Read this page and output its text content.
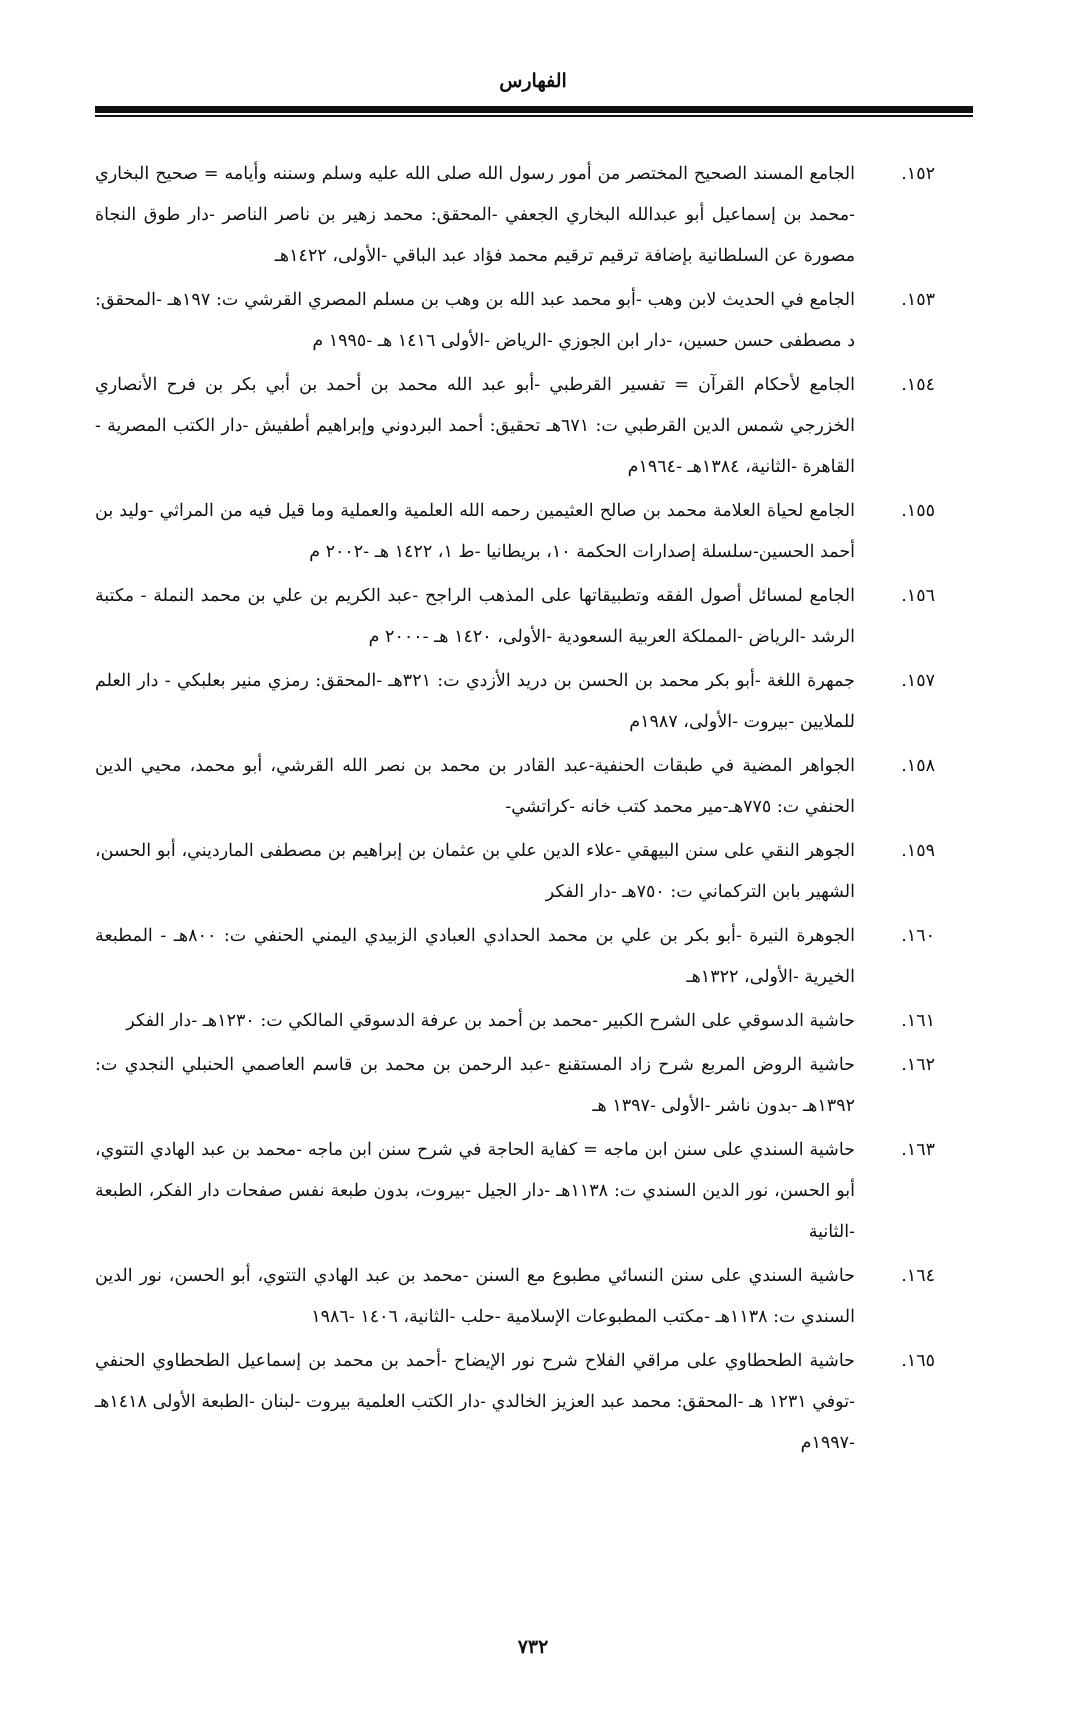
الفهارس
١٥٢.
الجامع المسند الصحيح المختصر من أمور رسول الله صلى الله عليه وسلم وسننه وأيامه = صحيح البخاري -محمد بن إسماعيل أبو عبدالله البخاري الجعفي -المحقق: محمد زهير بن ناصر الناصر -دار طوق النجاة مصورة عن السلطانية بإضافة ترقيم ترقيم محمد فؤاد عبد الباقي -الأولى، ١٤٢٢هـ
١٥٣.
الجامع في الحديث لابن وهب -أبو محمد عبد الله بن وهب بن مسلم المصري القرشي ت: ١٩٧هـ -المحقق: د مصطفى حسن حسين، -دار ابن الجوزي -الرياض -الأولى ١٤١٦ هـ -١٩٩٥ م
١٥٤.
الجامع لأحكام القرآن = تفسير القرطبي -أبو عبد الله محمد بن أحمد بن أبي بكر بن فرح الأنصاري الخزرجي شمس الدين القرطبي ت: ٦٧١هـ تحقيق: أحمد البردوني وإبراهيم أطفيش -دار الكتب المصرية - القاهرة -الثانية، ١٣٨٤هـ -١٩٦٤م
١٥٥.
الجامع لحياة العلامة محمد بن صالح العثيمين رحمه الله العلمية والعملية وما قيل فيه من المراثي -وليد بن أحمد الحسين-سلسلة إصدارات الحكمة ١٠، بريطانيا -ط ١، ١٤٢٢ هـ -٢٠٠٢ م
١٥٦.
الجامع لمسائل أصول الفقه وتطبيقاتها على المذهب الراجح -عبد الكريم بن علي بن محمد النملة - مكتبة الرشد -الرياض -المملكة العربية السعودية -الأولى، ١٤٢٠ هـ -٢٠٠٠ م
١٥٧.
جمهرة اللغة -أبو بكر محمد بن الحسن بن دريد الأزدي ت: ٣٢١هـ -المحقق: رمزي منير بعلبكي - دار العلم للملايين -بيروت -الأولى، ١٩٨٧م
١٥٨.
الجواهر المضية في طبقات الحنفية-عبد القادر بن محمد بن نصر الله القرشي، أبو محمد، محيي الدين الحنفي ت: ٧٧٥هـ-مير محمد كتب خانه -كراتشي-
١٥٩.
الجوهر النقي على سنن البيهقي -علاء الدين علي بن عثمان بن إبراهيم بن مصطفى المارديني، أبو الحسن، الشهير بابن التركماني ت: ٧٥٠هـ -دار الفكر
١٦٠.
الجوهرة النيرة -أبو بكر بن علي بن محمد الحدادي العبادي الزبيدي اليمني الحنفي ت: ٨٠٠هـ - المطبعة الخيرية -الأولى، ١٣٢٢هـ
١٦١.
حاشية الدسوقي على الشرح الكبير -محمد بن أحمد بن عرفة الدسوقي المالكي ت: ١٢٣٠هـ -دار الفكر
١٦٢.
حاشية الروض المربع شرح زاد المستقنع -عبد الرحمن بن محمد بن قاسم العاصمي الحنبلي النجدي ت: ١٣٩٢هـ -بدون ناشر -الأولى -١٣٩٧ هـ
١٦٣.
حاشية السندي على سنن ابن ماجه = كفاية الحاجة في شرح سنن ابن ماجه -محمد بن عبد الهادي التتوي، أبو الحسن، نور الدين السندي ت: ١١٣٨هـ -دار الجيل -بيروت، بدون طبعة نفس صفحات دار الفكر، الطبعة -الثانية
١٦٤.
حاشية السندي على سنن النسائي مطبوع مع السنن -محمد بن عبد الهادي التتوي، أبو الحسن، نور الدين السندي ت: ١١٣٨هـ -مكتب المطبوعات الإسلامية -حلب -الثانية، ١٤٠٦ -١٩٨٦
١٦٥.
حاشية الطحطاوي على مراقي الفلاح شرح نور الإيضاح -أحمد بن محمد بن إسماعيل الطحطاوي الحنفي -توفي ١٢٣١ هـ -المحقق: محمد عبد العزيز الخالدي -دار الكتب العلمية بيروت -لبنان -الطبعة الأولى ١٤١٨هـ -١٩٩٧م
٧٣٢
